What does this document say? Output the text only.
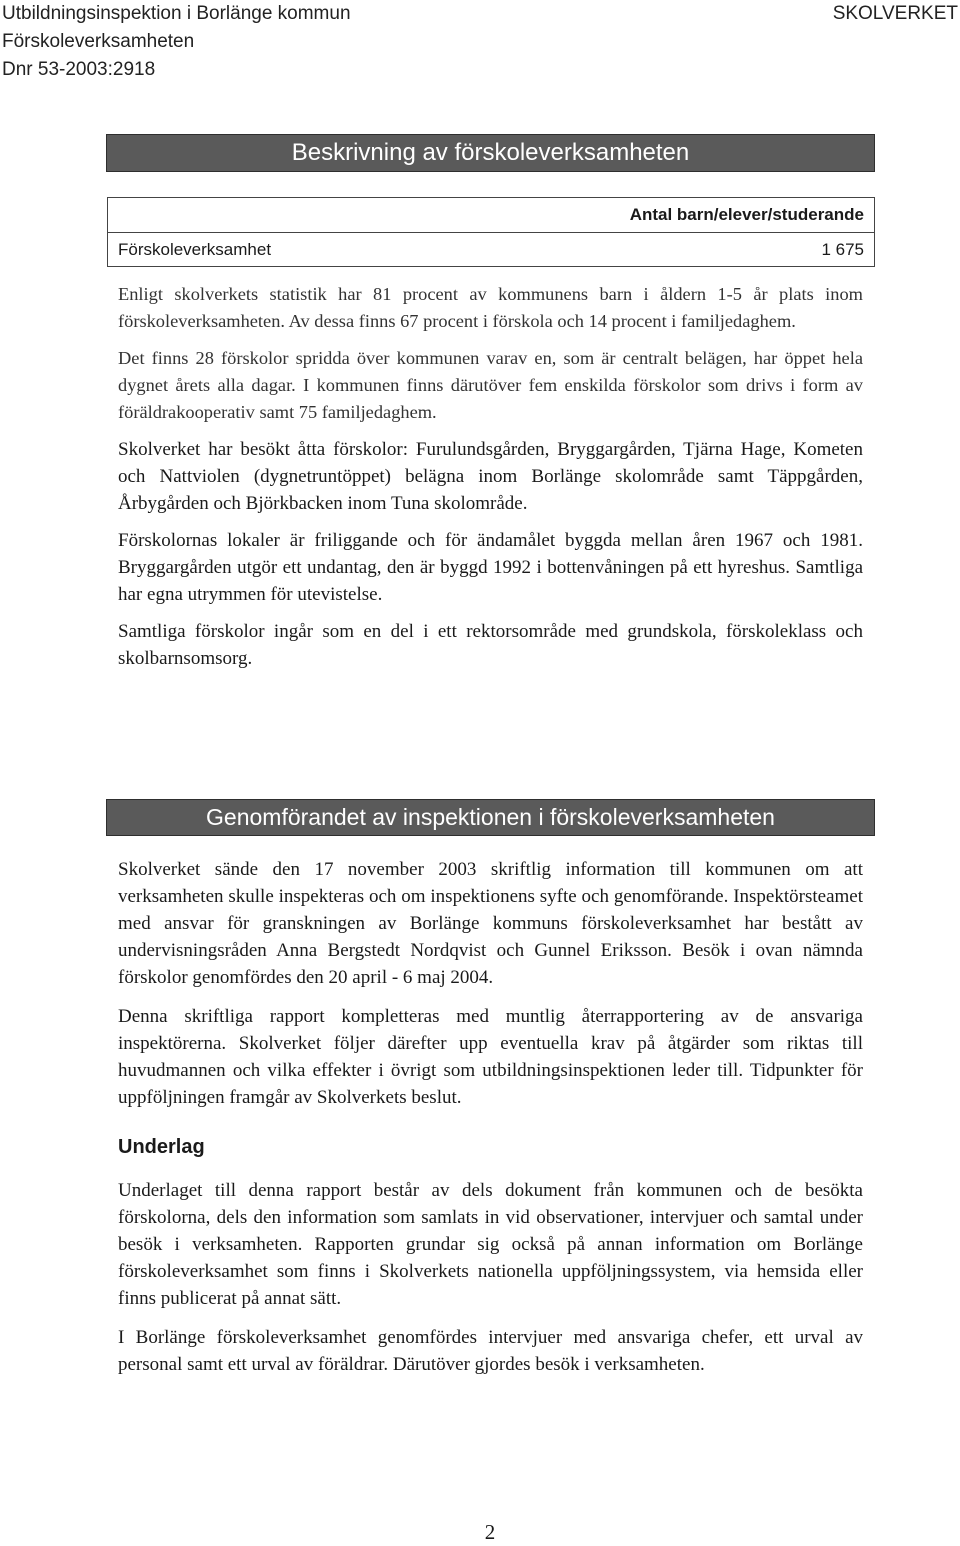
Utbildningsinspektion i Borlänge kommun
Förskoleverksamheten
Dnr 53-2003:2918
SKOLVERKET
Beskrivning av förskoleverksamheten
Antal barn/elever/studerande
Förskoleverksamhet	1 675

Enligt skolverkets statistik har 81 procent av kommunens barn i åldern 1-5 år plats inom förskoleverksamheten. Av dessa finns 67 procent i förskola och 14 procent i familjedaghem.

Det finns 28 förskolor spridda över kommunen varav en, som är centralt belägen, har öppet hela dygnet årets alla dagar. I kommunen finns därutöver fem enskilda förskolor som drivs i form av föräldrakooperativ samt 75 familjedaghem.

Skolverket har besökt åtta förskolor: Furulundsgården, Bryggargården, Tjärna Hage, Kometen och Nattviolen (dygnetruntöppet) belägna inom Borlänge skolområde samt Täppgården, Årbygården och Björkbacken inom Tuna skolområde.

Förskolornas lokaler är friliggande och för ändamålet byggda mellan åren 1967 och 1981. Bryggargården utgör ett undantag, den är byggd 1992 i bottenvåningen på ett hyreshus. Samtliga har egna utrymmen för utevistelse.

Samtliga förskolor ingår som en del i ett rektorsområde med grundskola, förskoleklass och skolbarnsomsorg.

Genomförandet av inspektionen i förskoleverksamheten

Skolverket sände den 17 november 2003 skriftlig information till kommunen om att verksamheten skulle inspekteras och om inspektionens syfte och genomförande. Inspektörsteamet med ansvar för granskningen av Borlänge kommuns förskoleverksamhet har bestått av undervisningsråden Anna Bergstedt Nordqvist och Gunnel Eriksson. Besök i ovan nämnda förskolor genomfördes den 20 april - 6 maj 2004.

Denna skriftliga rapport kompletteras med muntlig återrapportering av de ansvariga inspektörerna. Skolverket följer därefter upp eventuella krav på åtgärder som riktas till huvudmannen och vilka effekter i övrigt som utbildningsinspektionen leder till. Tidpunkter för uppföljningen framgår av Skolverkets beslut.

Underlag

Underlaget till denna rapport består av dels dokument från kommunen och de besökta förskolorna, dels den information som samlats in vid observationer, intervjuer och samtal under besök i verksamheten. Rapporten grundar sig också på annan information om Borlänge förskoleverksamhet som finns i Skolverkets nationella uppföljningssystem, via hemsida eller finns publicerat på annat sätt.

I Borlänge förskoleverksamhet genomfördes intervjuer med ansvariga chefer, ett urval av personal samt ett urval av föräldrar. Därutöver gjordes besök i verksamheten.

2
